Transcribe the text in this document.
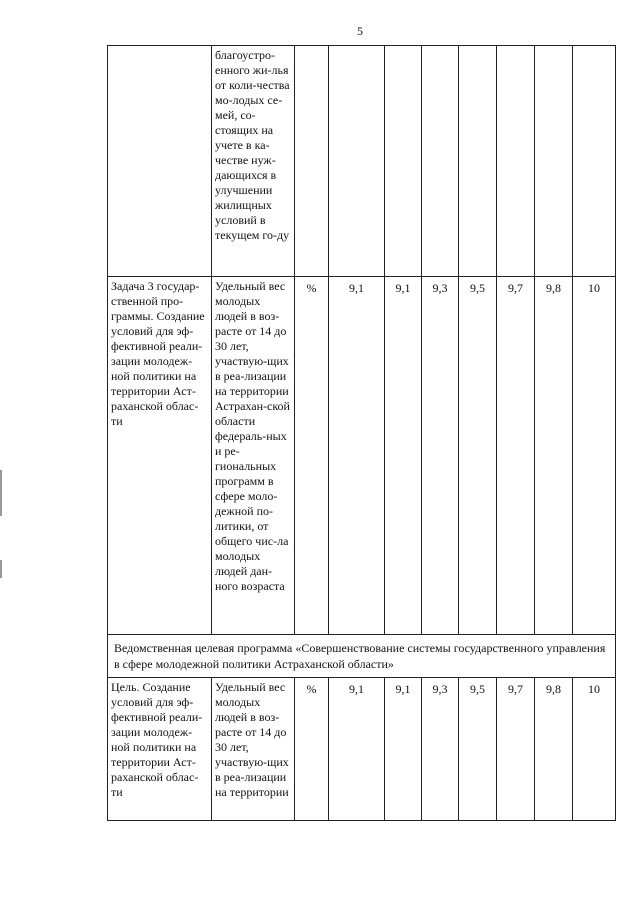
5
	благоустро-енного жи-лья от коли-чества мо-лодых се-мей, со-стоящих на учете в ка-честве нуж-дающихся в улучшении жилищных условий в текущем го-ду								
Задача 3 государ-ственной про-граммы. Создание условий для эф-фективной реали-зации молодеж-ной политики на территории Аст-раханской облас-ти	Удельный вес молодых людей в воз-расте от 14 до 30 лет, участвую-щих в реа-лизации на территории Астрахан-ской области федераль-ных и ре-гиональных программ в сфере моло-дежной по-литики, от общего чис-ла молодых людей дан-ного возраста	%	9,1	9,1	9,3	9,5	9,7	9,8	10
Ведомственная целевая программа «Совершенствование системы государственного управления в сфере молодежной политики Астраханской области»									
Цель. Создание условий для эф-фективной реали-зации молодеж-ной политики на территории Аст-раханской облас-ти	Удельный вес молодых людей в воз-расте от 14 до 30 лет, участвую-щих в реа-лизации на территории	%	9,1	9,1	9,3	9,5	9,7	9,8	10
